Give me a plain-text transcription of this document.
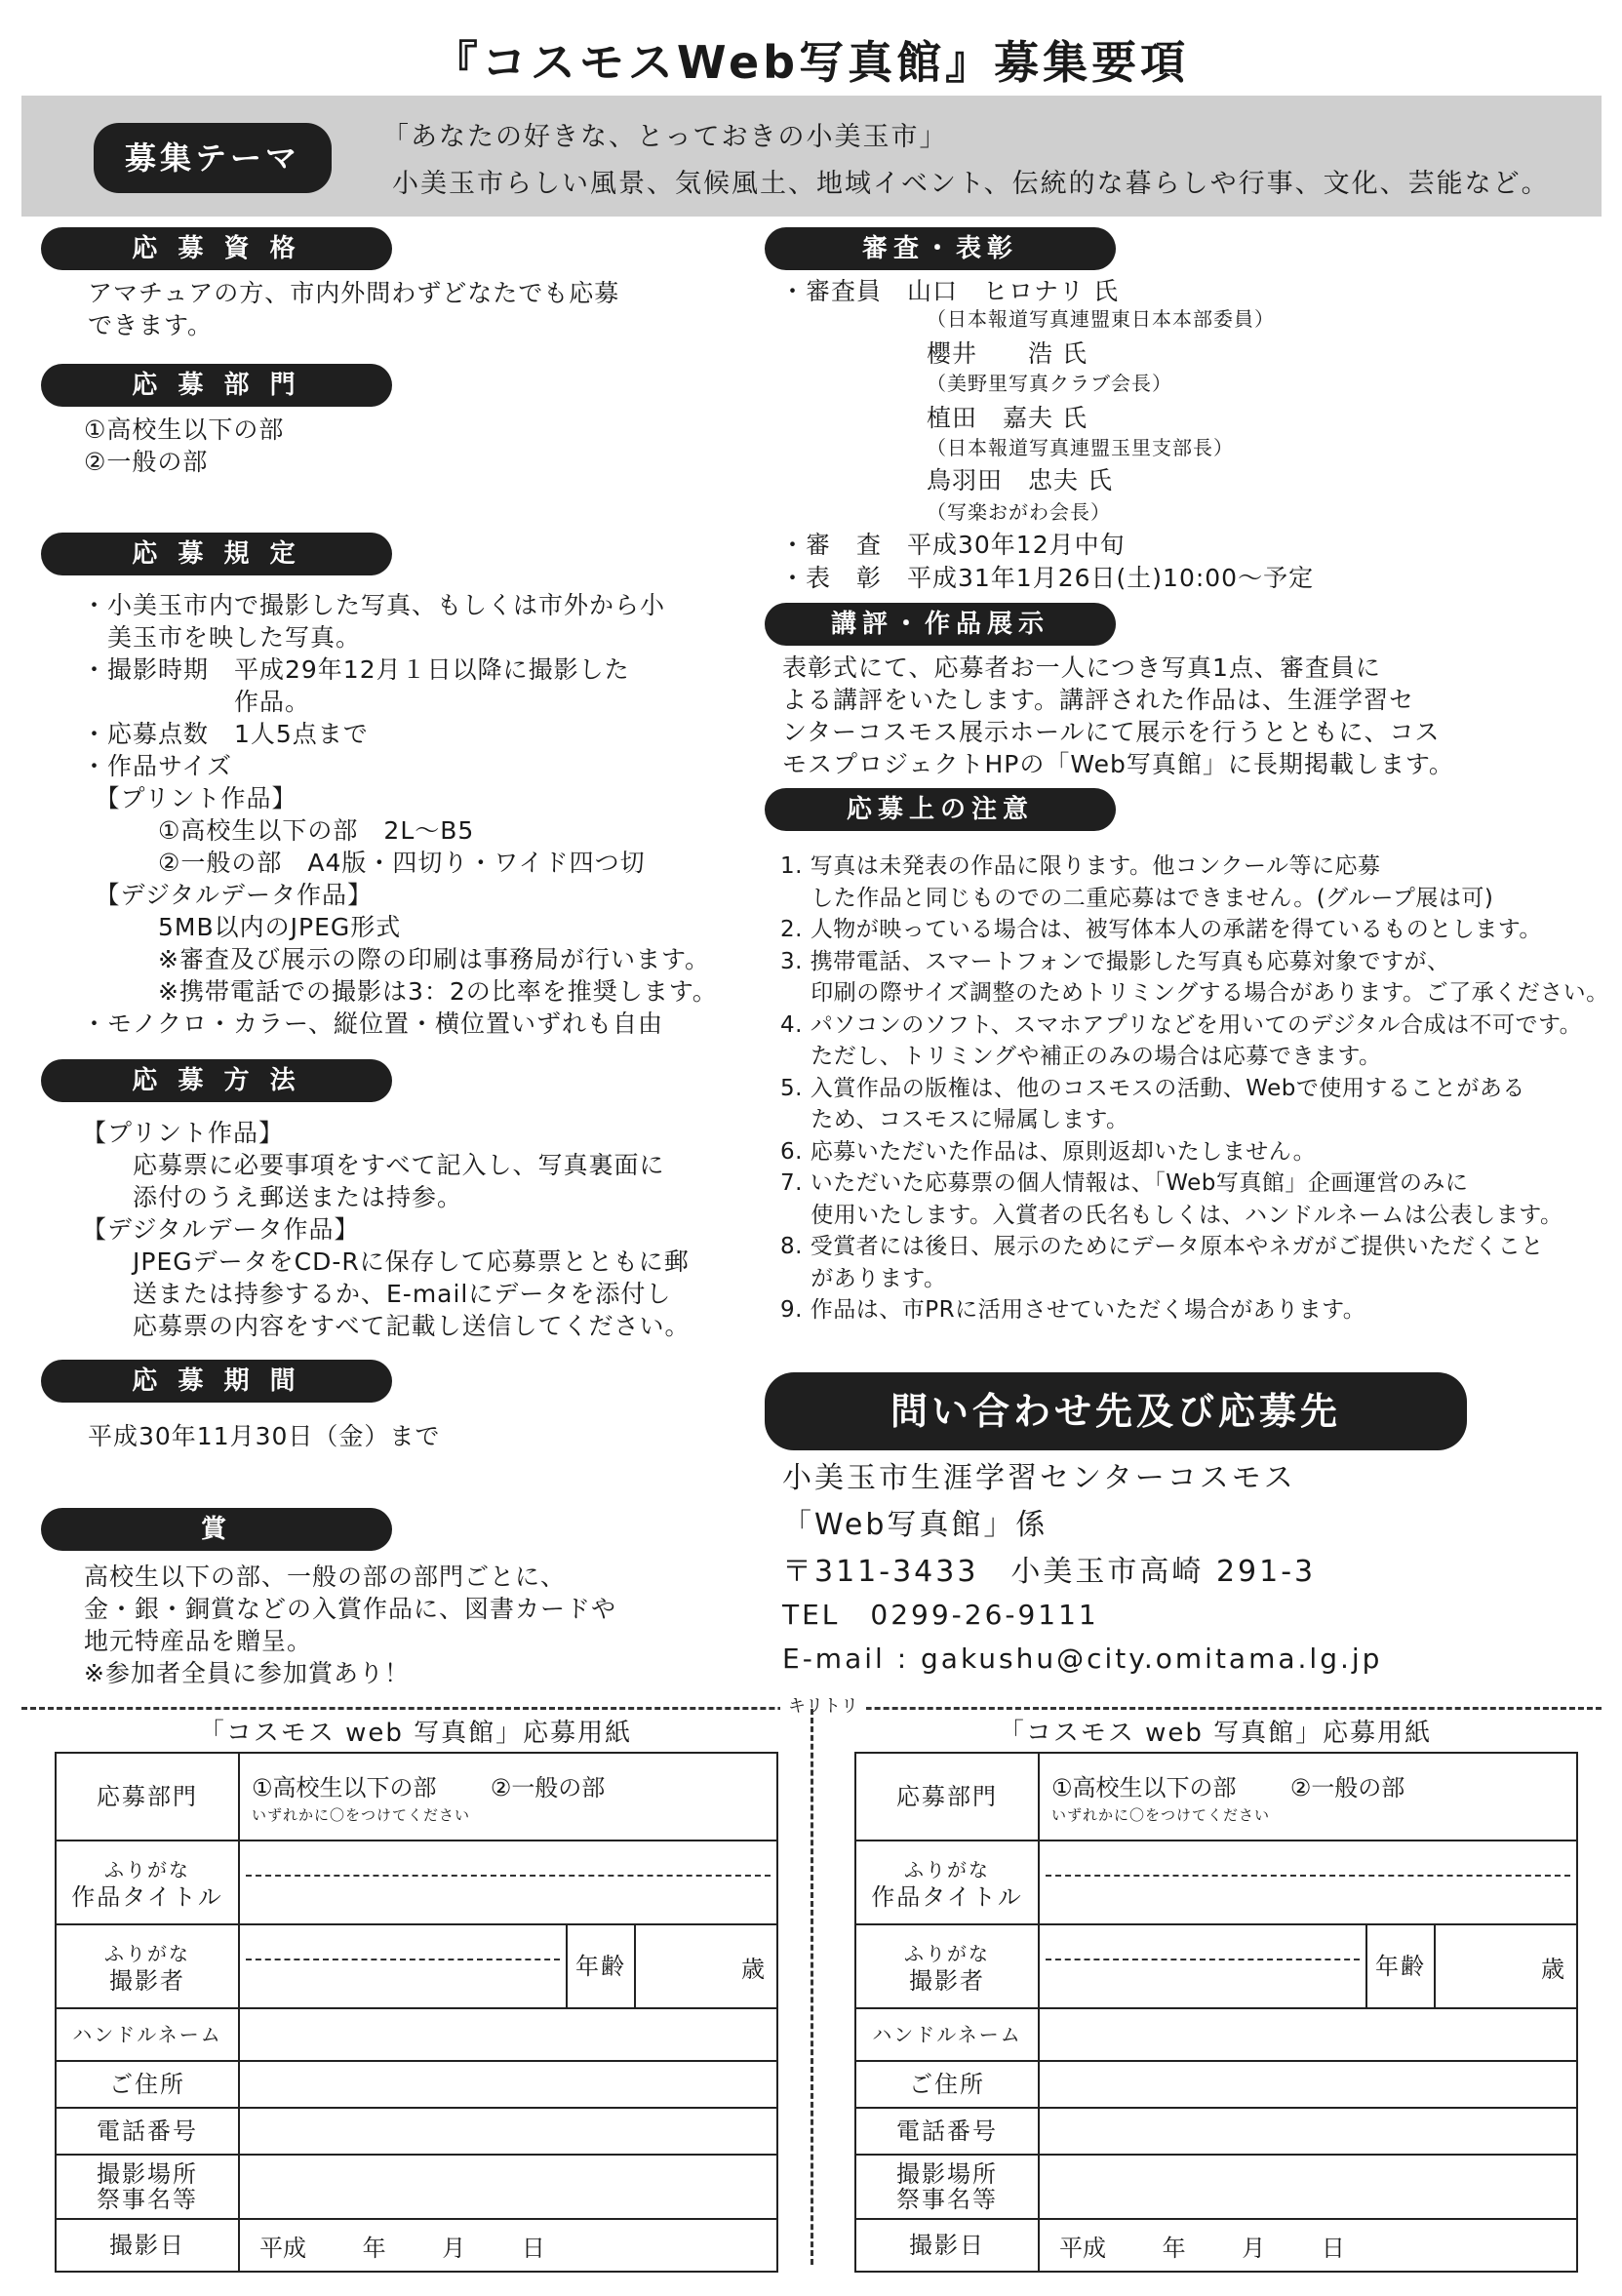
『コスモスWeb写真館』募集要項
募集テーマ
「あなたの好きな、とっておきの小美玉市」
小美玉市らしい風景、気候風土、地域イベント、伝統的な暮らしや行事、文化、芸能など。
応 募 資 格
アマチュアの方、市内外問わずどなたでも応募
できます。
応 募 部 門
①高校生以下の部
②一般の部
応 募 規 定
・小美玉市内で撮影した写真、もしくは市外から小
　美玉市を映した写真。
・撮影時期　平成29年12月１日以降に撮影した
　　　　　　作品。
・応募点数　1人5点まで
・作品サイズ
　【プリント作品】
　　　①高校生以下の部　2L〜B5
　　　②一般の部　A4版・四切り・ワイド四つ切
　【デジタルデータ作品】
　　　5MB以内のJPEG形式
　　　※審査及び展示の際の印刷は事務局が行います。
　　　※携帯電話での撮影は3：2の比率を推奨します。
・モノクロ・カラー、縦位置・横位置いずれも自由
応 募 方 法
【プリント作品】
　　応募票に必要事項をすべて記入し、写真裏面に
　　添付のうえ郵送または持参。
【デジタルデータ作品】
　　JPEGデータをCD-Rに保存して応募票とともに郵
　　送または持参するか、E-mailにデータを添付し
　　応募票の内容をすべて記載し送信してください。
応 募 期 間
平成30年11月30日（金）まで
賞
高校生以下の部、一般の部の部門ごとに、
金・銀・銅賞などの入賞作品に、図書カードや
地元特産品を贈呈。
※参加者全員に参加賞あり！
審査・表彰
・審査員 山口　ヒロナリ 氏
（日本報道写真連盟東日本本部委員）
櫻井　　浩 氏
（美野里写真クラブ会長）
植田　嘉夫 氏
（日本報道写真連盟玉里支部長）
鳥羽田　忠夫 氏
（写楽おがわ会長）
・審　査　平成30年12月中旬
・表　彰　平成31年1月26日(土)10:00〜予定
講評・作品展示
表彰式にて、応募者お一人につき写真1点、審査員に
よる講評をいたします。講評された作品は、生涯学習セ
ンターコスモス展示ホールにて展示を行うとともに、コス
モスプロジェクトHPの「Web写真館」に長期掲載します。
応募上の注意
1. 写真は未発表の作品に限ります。他コンクール等に応募
　 した作品と同じものでの二重応募はできません。(グループ展は可)
2. 人物が映っている場合は、被写体本人の承諾を得ているものとします。
3. 携帯電話、スマートフォンで撮影した写真も応募対象ですが、
　 印刷の際サイズ調整のためトリミングする場合があります。ご了承ください。
4. パソコンのソフト、スマホアプリなどを用いてのデジタル合成は不可です。
　 ただし、トリミングや補正のみの場合は応募できます。
5. 入賞作品の版権は、他のコスモスの活動、Webで使用することがある
　 ため、コスモスに帰属します。
6. 応募いただいた作品は、原則返却いたしません。
7. いただいた応募票の個人情報は、「Web写真館」企画運営のみに
　 使用いたします。入賞者の氏名もしくは、ハンドルネームは公表します。
8. 受賞者には後日、展示のためにデータ原本やネガがご提供いただくこと
　 があります。
9. 作品は、市PRに活用させていただく場合があります。
問い合わせ先及び応募先
小美玉市生涯学習センターコスモス
「Web写真館」係
〒311-3433　小美玉市高崎 291-3
TEL　0299-26-9111
E-mail : gakushu@city.omitama.lg.jp
キリトリ
「コスモス web 写真館」応募用紙
応募部門	①高校生以下の部 ②一般の部
いずれかに〇をつけてください		

ふりがな
作品タイトル			

ふりがな
撮影者		年齢	歳
ハンドルネーム			
ご住所			
電話番号			
撮影場所
祭事名等			
撮影日	平成 年 月 日		
「コスモス web 写真館」応募用紙
応募部門	①高校生以下の部 ②一般の部
いずれかに〇をつけてください		

ふりがな
作品タイトル			

ふりがな
撮影者		年齢	歳
ハンドルネーム			
ご住所			
電話番号			
撮影場所
祭事名等			
撮影日	平成 年 月 日		
